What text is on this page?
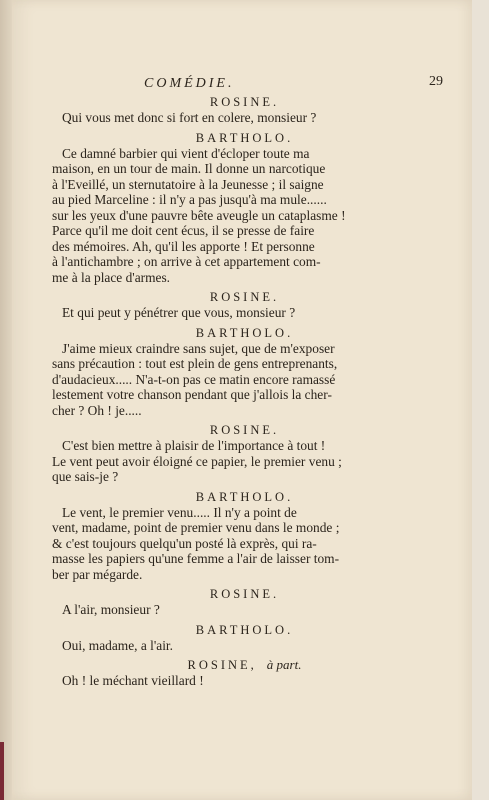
COMÉDIE.	29

ROSINE.

Qui vous met donc si fort en colere, monsieur ?

BARTHOLO.

Ce damné barbier qui vient d'écloper toute ma
maison, en un tour de main. Il donne un narcotique
à l'Eveillé, un sternutatoire à la Jeunesse ; il saigne
au pied Marceline : il n'y a pas jusqu'à ma mule......
sur les yeux d'une pauvre bête aveugle un cataplasme !
Parce qu'il me doit cent écus, il se presse de faire
des mémoires. Ah, qu'il les apporte ! Et personne
à l'antichambre ; on arrive à cet appartement com-
me à la place d'armes.

ROSINE.

Et qui peut y pénétrer que vous, monsieur ?

BARTHOLO.

J'aime mieux craindre sans sujet, que de m'exposer
sans précaution : tout est plein de gens entreprenants,
d'audacieux..... N'a-t-on pas ce matin encore ramassé
lestement votre chanson pendant que j'allois la cher-
cher ? Oh ! je.....

ROSINE.

C'est bien mettre à plaisir de l'importance à tout !
Le vent peut avoir éloigné ce papier, le premier venu ;
que sais-je ?

BARTHOLO.

Le vent, le premier venu..... Il n'y a point de
vent, madame, point de premier venu dans le monde ;
& c'est toujours quelqu'un posté là exprès, qui ra-
masse les papiers qu'une femme a l'air de laisser tom-
ber par mégarde.

ROSINE.

A l'air, monsieur ?

BARTHOLO.

Oui, madame, a l'air.

ROSINE, à part.

Oh ! le méchant vieillard !
